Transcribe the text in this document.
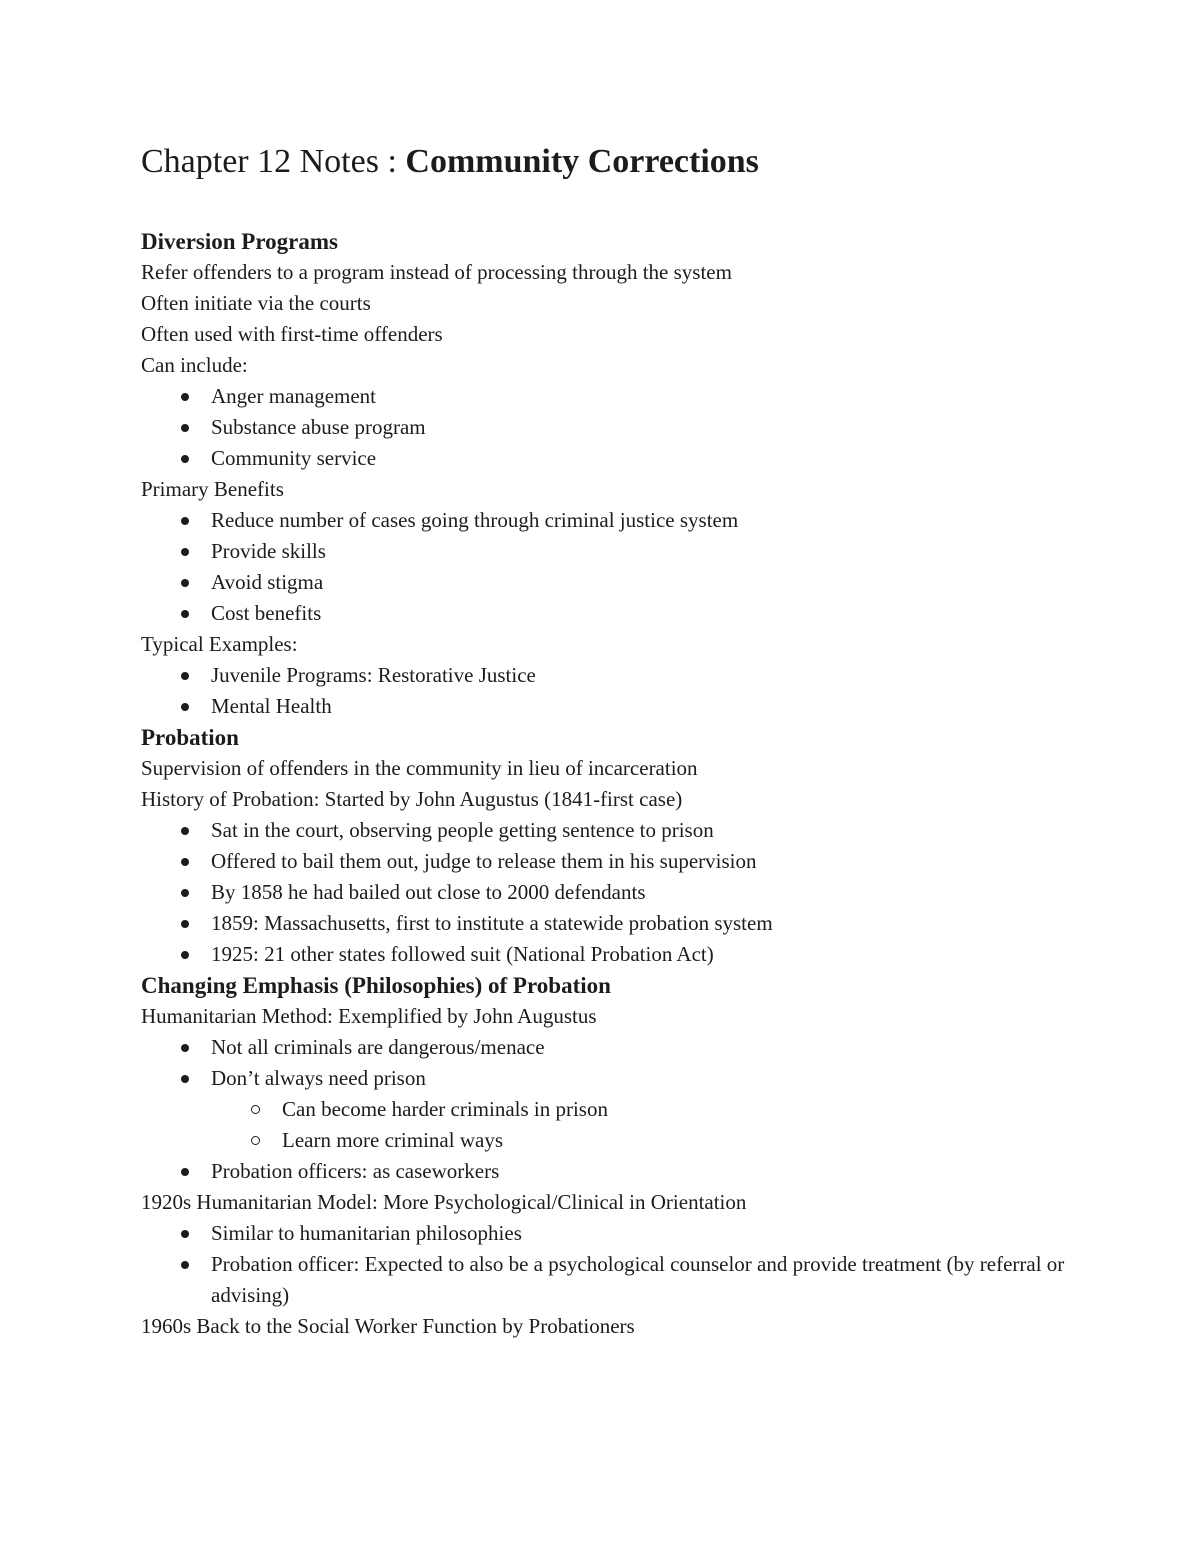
Chapter 12 Notes : Community Corrections
Diversion Programs
Refer offenders to a program instead of processing through the system
Often initiate via the courts
Often used with first-time offenders
Can include:
Anger management
Substance abuse program
Community service
Primary Benefits
Reduce number of cases going through criminal justice system
Provide skills
Avoid stigma
Cost benefits
Typical Examples:
Juvenile Programs: Restorative Justice
Mental Health
Probation
Supervision of offenders in the community in lieu of incarceration
History of Probation: Started by John Augustus (1841-first case)
Sat in the court, observing people getting sentence to prison
Offered to bail them out, judge to release them in his supervision
By 1858 he had bailed out close to 2000 defendants
1859: Massachusetts, first to institute a statewide probation system
1925: 21 other states followed suit (National Probation Act)
Changing Emphasis (Philosophies) of Probation
Humanitarian Method: Exemplified by John Augustus
Not all criminals are dangerous/menace
Don’t always need prison
Can become harder criminals in prison
Learn more criminal ways
Probation officers: as caseworkers
1920s Humanitarian Model: More Psychological/Clinical in Orientation
Similar to humanitarian philosophies
Probation officer: Expected to also be a psychological counselor and provide treatment (by referral or advising)
1960s Back to the Social Worker Function by Probationers
